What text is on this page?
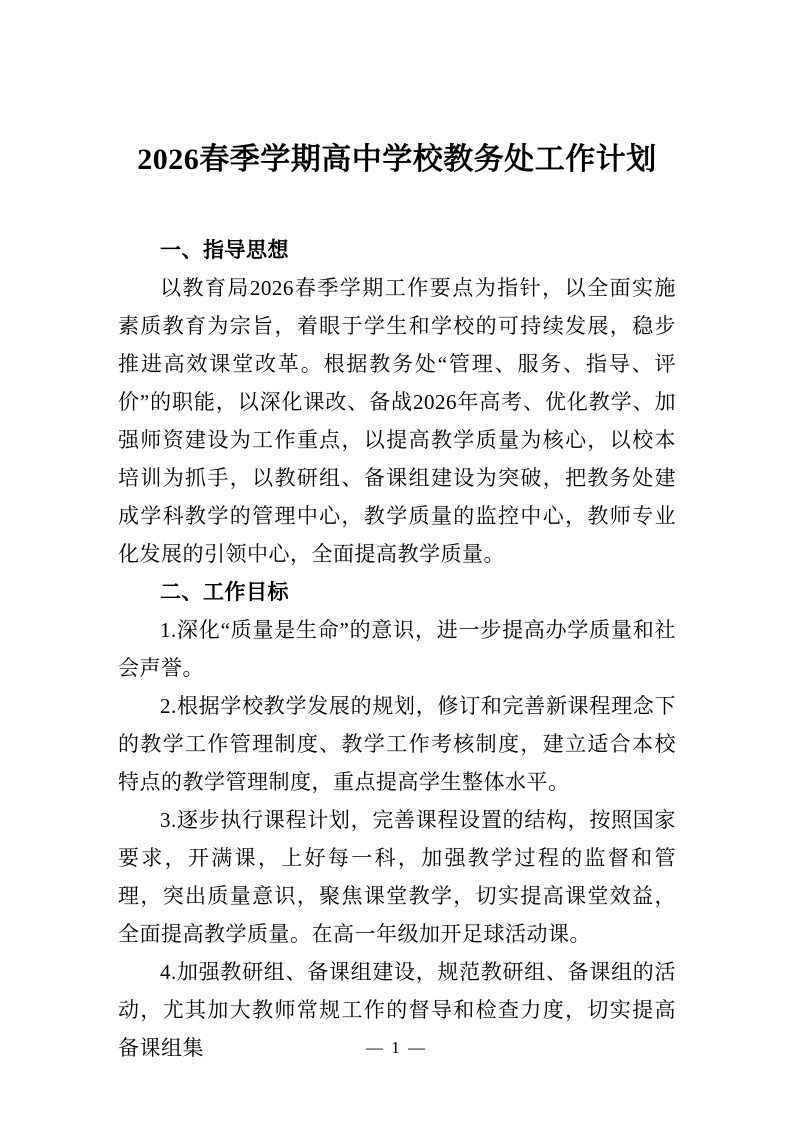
2026春季学期高中学校教务处工作计划

一、指导思想

以教育局2026春季学期工作要点为指针，以全面实施素质教育为宗旨，着眼于学生和学校的可持续发展，稳步推进高效课堂改革。根据教务处“管理、服务、指导、评价”的职能，以深化课改、备战2026年高考、优化教学、加强师资建设为工作重点，以提高教学质量为核心，以校本培训为抓手，以教研组、备课组建设为突破，把教务处建成学科教学的管理中心，教学质量的监控中心，教师专业化发展的引领中心，全面提高教学质量。

二、工作目标

1.深化“质量是生命”的意识，进一步提高办学质量和社会声誉。

2.根据学校教学发展的规划，修订和完善新课程理念下的教学工作管理制度、教学工作考核制度，建立适合本校特点的教学管理制度，重点提高学生整体水平。

3.逐步执行课程计划，完善课程设置的结构，按照国家要求，开满课，上好每一科，加强教学过程的监督和管理，突出质量意识，聚焦课堂教学，切实提高课堂效益，全面提高教学质量。在高一年级加开足球活动课。

4.加强教研组、备课组建设，规范教研组、备课组的活动，尤其加大教师常规工作的督导和检查力度，切实提高备课组集	— 1 —
